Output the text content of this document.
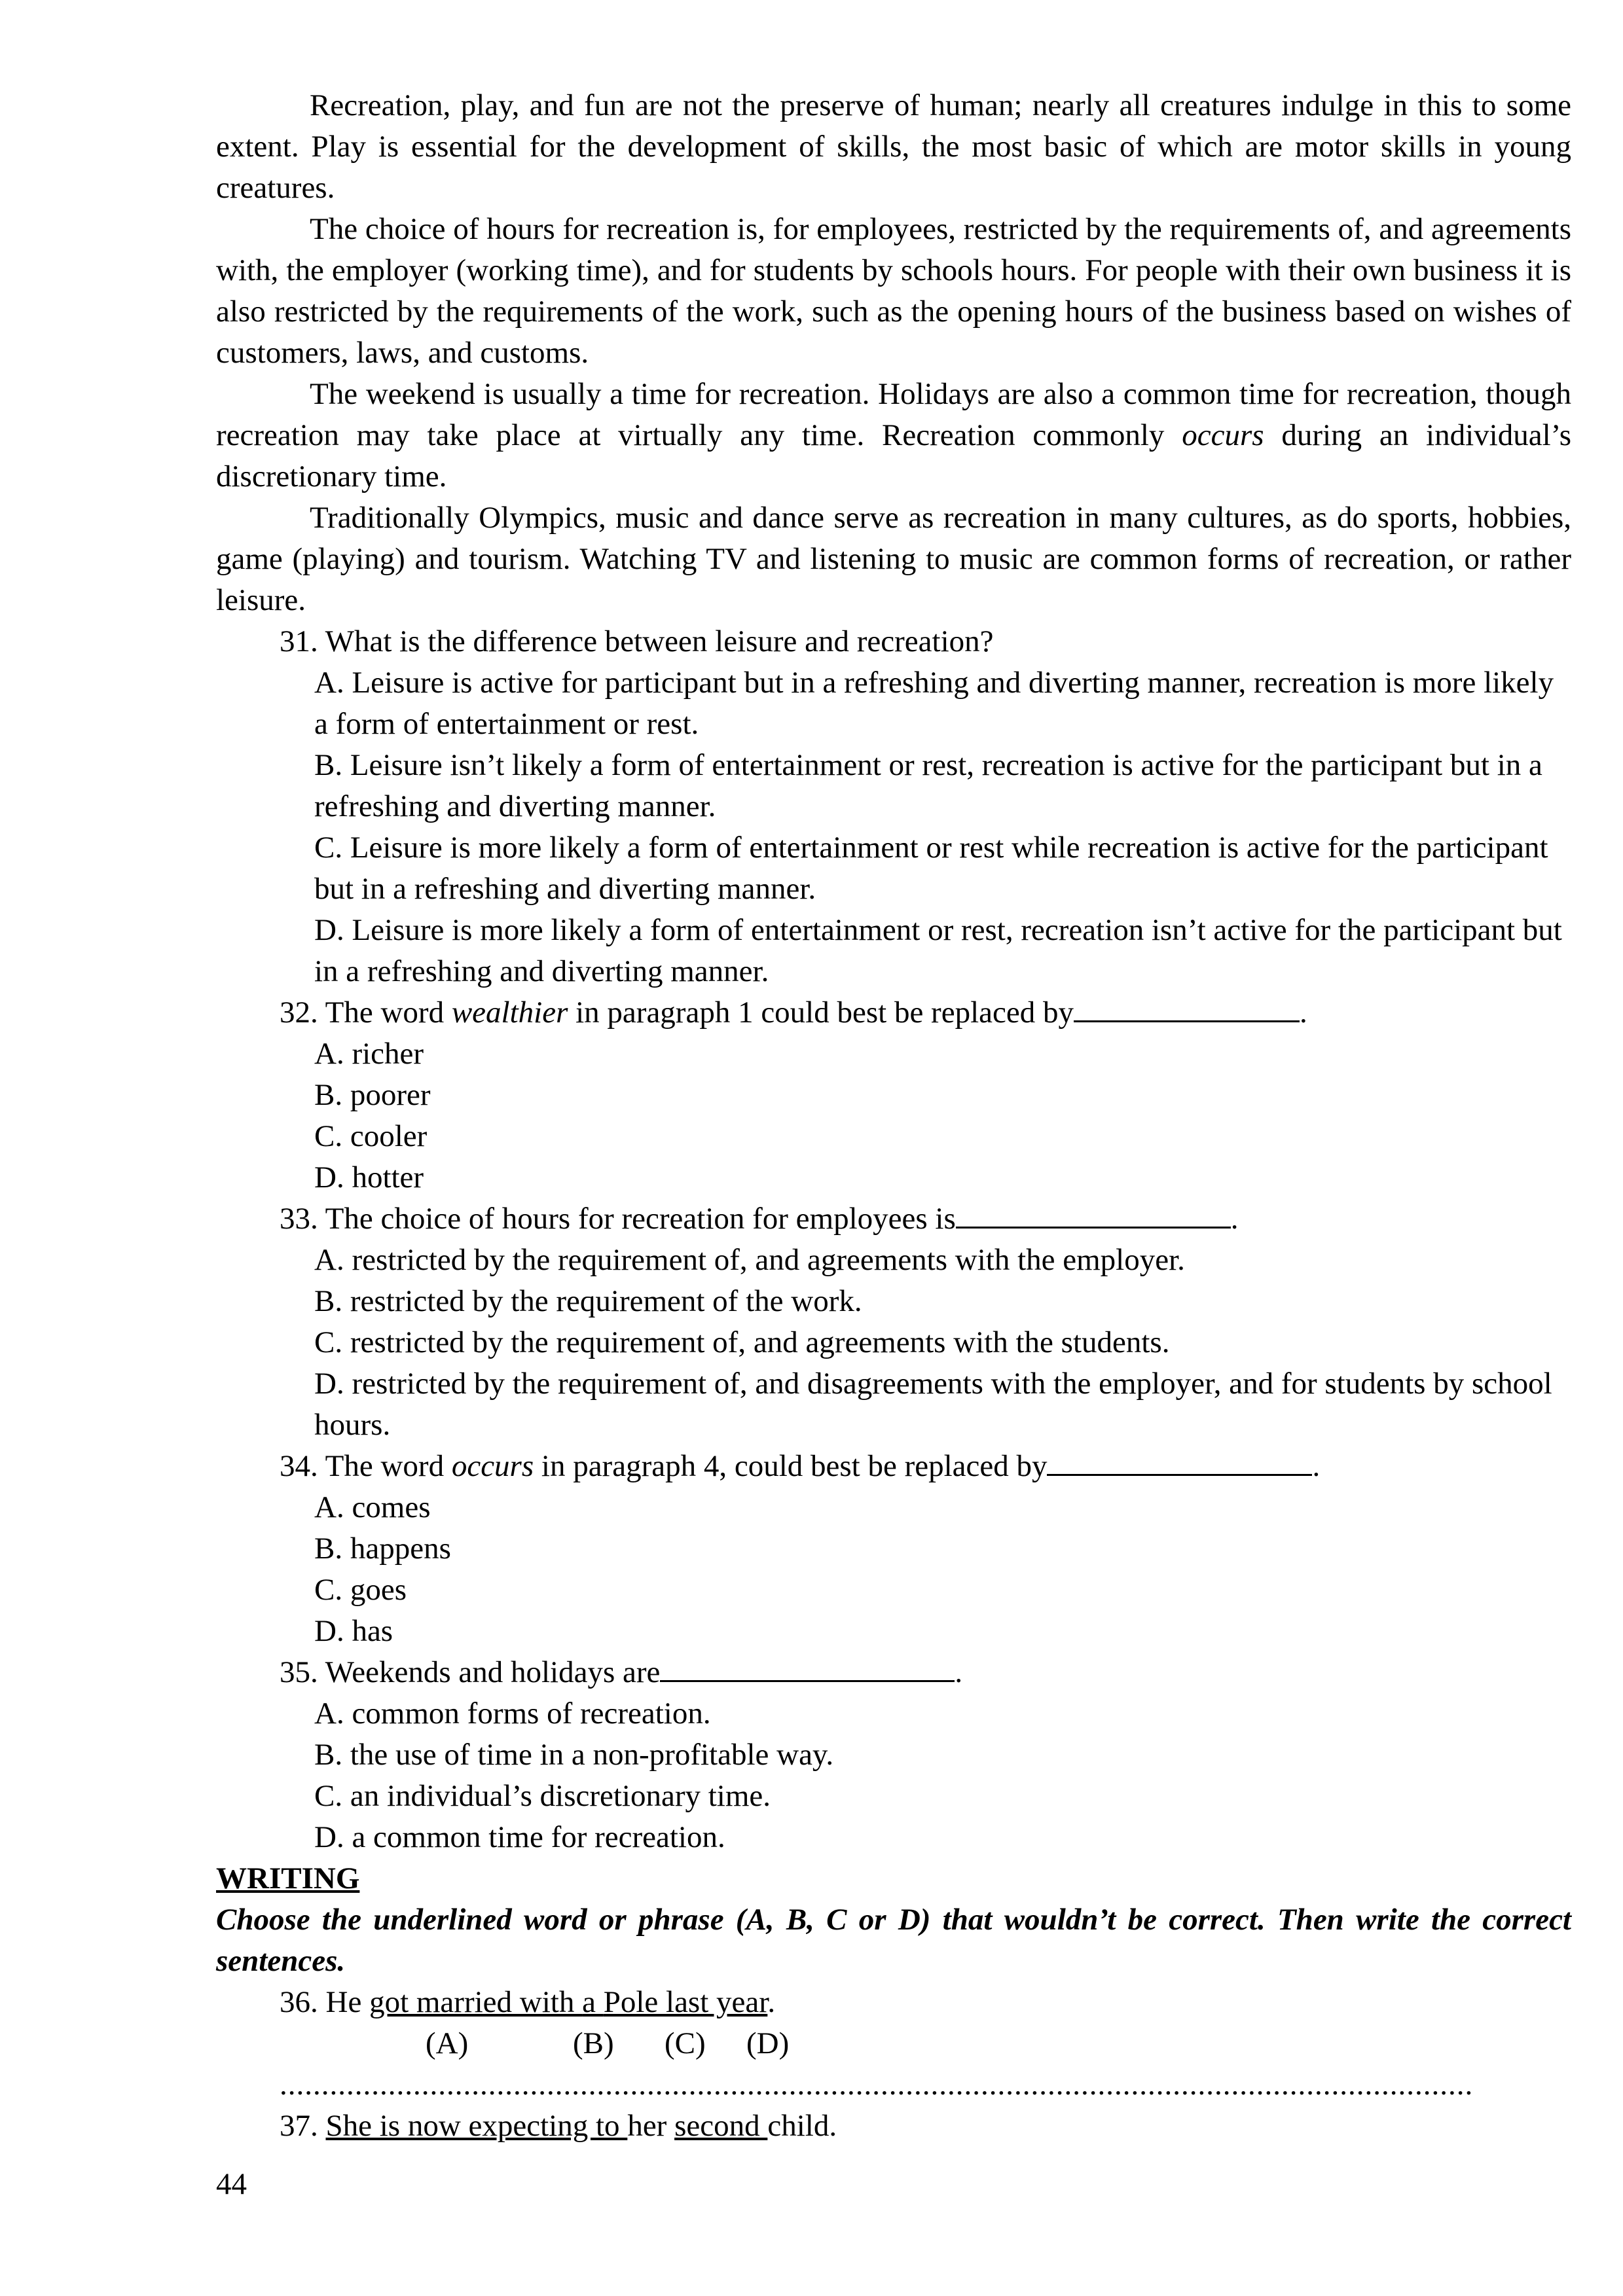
Recreation, play, and fun are not the preserve of human; nearly all creatures indulge in this to some extent. Play is essential for the development of skills, the most basic of which are motor skills in young creatures.

The choice of hours for recreation is, for employees, restricted by the requirements of, and agreements with, the employer (working time), and for students by schools hours. For people with their own business it is also restricted by the requirements of the work, such as the opening hours of the business based on wishes of customers, laws, and customs.

The weekend is usually a time for recreation. Holidays are also a common time for recreation, though recreation may take place at virtually any time. Recreation commonly occurs during an individual’s discretionary time.

Traditionally Olympics, music and dance serve as recreation in many cultures, as do sports, hobbies, game (playing) and tourism. Watching TV and listening to music are common forms of recreation, or rather leisure.

31. What is the difference between leisure and recreation?

A. Leisure is active for participant but in a refreshing and diverting manner, recreation is more likely a form of entertainment or rest.

B. Leisure isn’t likely a form of entertainment or rest, recreation is active for the participant but in a refreshing and diverting manner.

C. Leisure is more likely a form of entertainment or rest while recreation is active for the participant but in a refreshing and diverting manner.

D. Leisure is more likely a form of entertainment or rest, recreation isn’t active for the participant but in a refreshing and diverting manner.

32. The word wealthier in paragraph 1 could best be replaced by	.

A. richer

B. poorer

C. cooler

D. hotter

33. The choice of hours for recreation for employees is	.

A. restricted by the requirement of, and agreements with the employer.

B. restricted by the requirement of the work.

C. restricted by the requirement of, and agreements with the students.

D. restricted by the requirement of, and disagreements with the employer, and for students by school hours.

34. The word occurs in paragraph 4, could best be replaced by	.

A. comes

B. happens

C. goes

D. has

35. Weekends and holidays are	.

A. common forms of recreation.

B. the use of time in a non-profitable way.

C. an individual’s discretionary time.

D. a common time for recreation.

WRITING

Choose the underlined word or phrase (A, B, C or D) that wouldn’t be correct. Then write the correct sentences.

36. He got married with a Pole last year.

(A)	(B) (C) (D)

...............................................................................................................................................

37. She is now expecting to her second child.

44
